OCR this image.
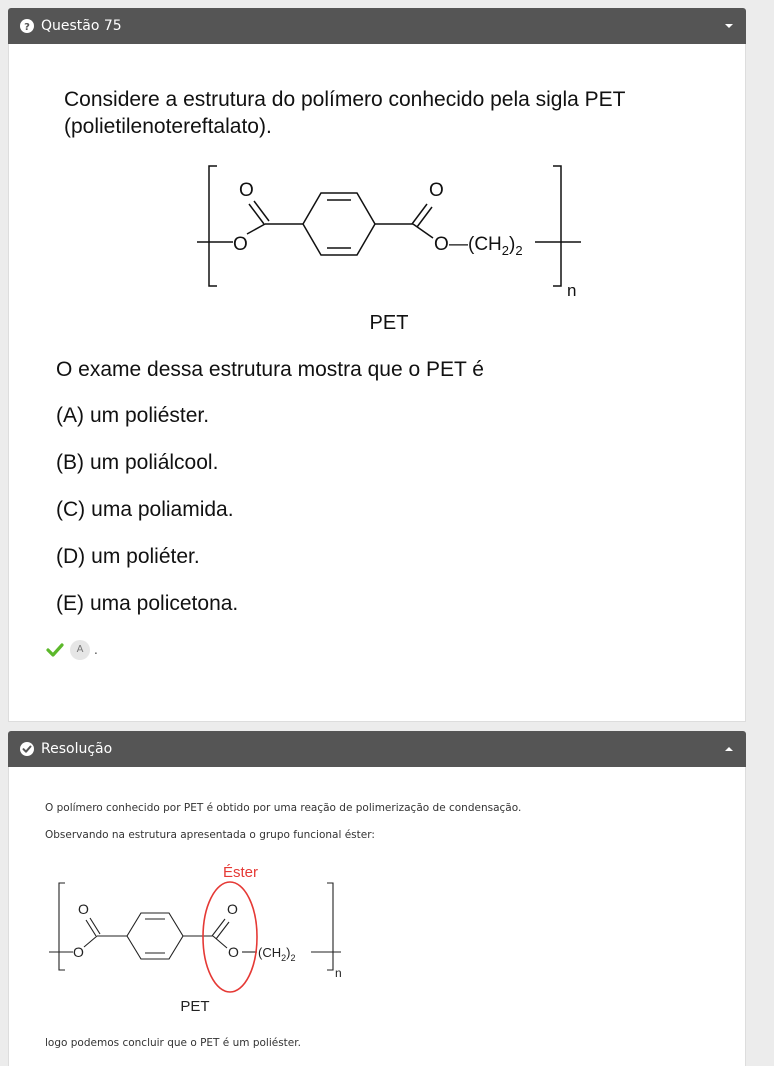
? Questão 75

Considere a estrutura do polímero conhecido pela sigla PET (polietilenotereftalato).

O	O
O	O $—(CH_2)_2$
n
PET

O exame dessa estrutura mostra que o PET é

(A) um poliéster.
(B) um poliálcool.
(C) uma poliamida.
(D) um poliéter.
(E) uma policetona.
A .
Resolução

O polímero conhecido por PET é obtido por uma reação de polimerização de condensação.

Observando na estrutura apresentada o grupo funcional éster:

Éster
O	O
O	O $(CH_2)_2$
n
PET

logo podemos concluir que o PET é um poliéster.
